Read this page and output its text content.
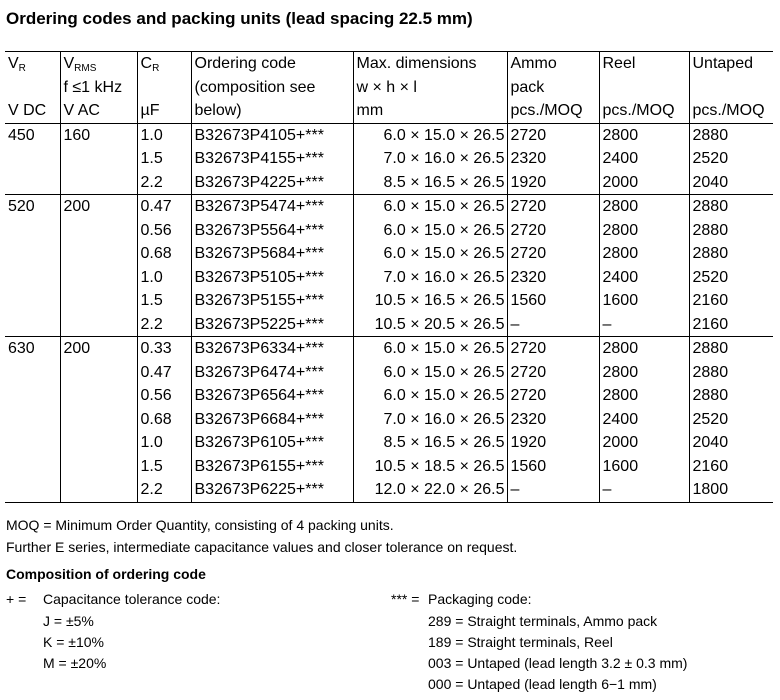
Ordering codes and packing units (lead spacing 22.5 mm)
$V_R$	$V_{RMS}$	$C_R$	Ordering code	Max. dimensions	Ammo	Reel	Untaped
	f ≤1 kHz		(composition see	w × h × l	pack		
V DC	V AC	µF	below)	mm	pcs./MOQ	pcs./MOQ	pcs./MOQ
450	160	1.0	B32673P4105+***	6.0 × 15.0 × 26.5	2720	2800	2880
		1.5	B32673P4155+***	7.0 × 16.0 × 26.5	2320	2400	2520
		2.2	B32673P4225+***	8.5 × 16.5 × 26.5	1920	2000	2040
520	200	0.47	B32673P5474+***	6.0 × 15.0 × 26.5	2720	2800	2880
		0.56	B32673P5564+***	6.0 × 15.0 × 26.5	2720	2800	2880
		0.68	B32673P5684+***	6.0 × 15.0 × 26.5	2720	2800	2880
		1.0	B32673P5105+***	7.0 × 16.0 × 26.5	2320	2400	2520
		1.5	B32673P5155+***	10.5 × 16.5 × 26.5	1560	1600	2160
		2.2	B32673P5225+***	10.5 × 20.5 × 26.5	–	–	2160
630	200	0.33	B32673P6334+***	6.0 × 15.0 × 26.5	2720	2800	2880
		0.47	B32673P6474+***	6.0 × 15.0 × 26.5	2720	2800	2880
		0.56	B32673P6564+***	6.0 × 15.0 × 26.5	2720	2800	2880
		0.68	B32673P6684+***	7.0 × 16.0 × 26.5	2320	2400	2520
		1.0	B32673P6105+***	8.5 × 16.5 × 26.5	1920	2000	2040
		1.5	B32673P6155+***	10.5 × 18.5 × 26.5	1560	1600	2160
		2.2	B32673P6225+***	12.0 × 22.0 × 26.5	–	–	1800
MOQ = Minimum Order Quantity, consisting of 4 packing units.
Further E series, intermediate capacitance values and closer tolerance on request.
Composition of ordering code
+ = Capacitance tolerance code:
J = ±5%
K = ±10%
M = ±20%
*** = Packaging code:
289 = Straight terminals, Ammo pack
189 = Straight terminals, Reel
003 = Untaped (lead length 3.2 ± 0.3 mm)
000 = Untaped (lead length 6−1 mm)
